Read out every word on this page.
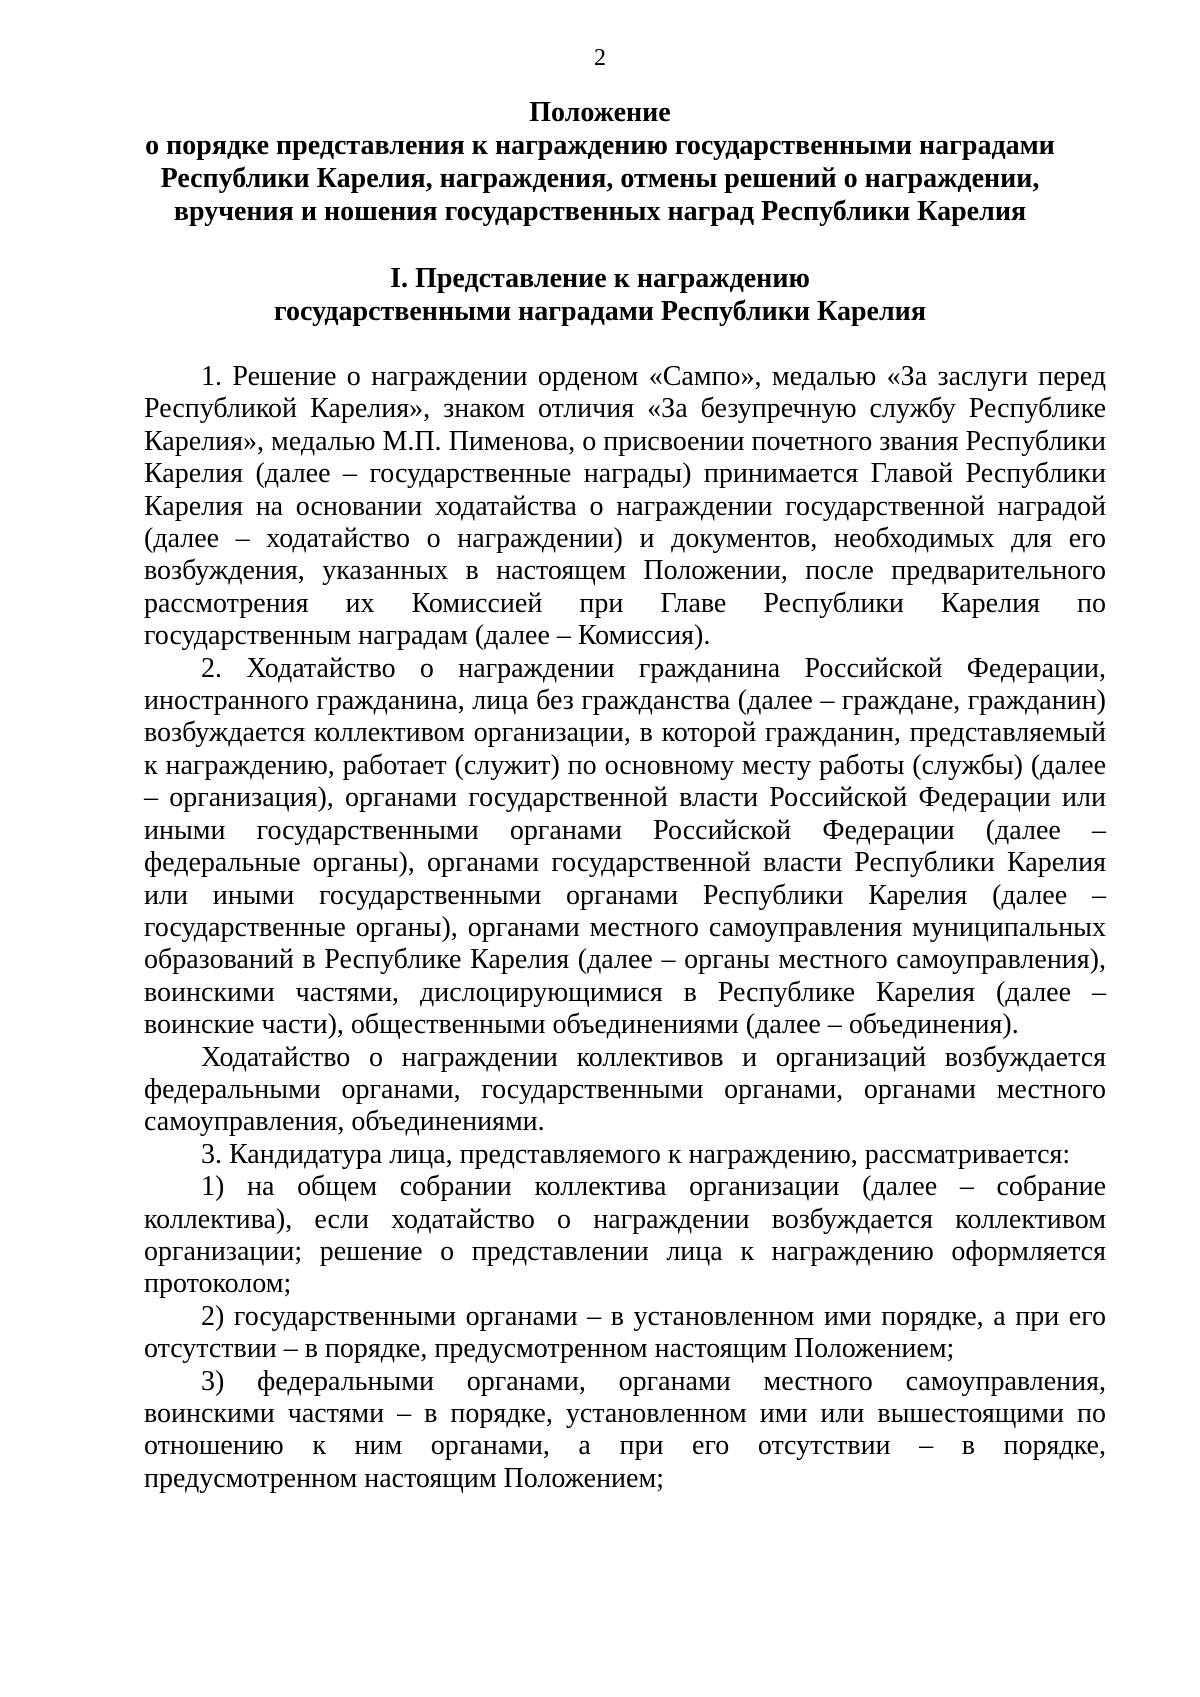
2
Положение
о порядке представления к награждению государственными наградами
Республики Карелия, награждения, отмены решений о награждении,
вручения и ношения государственных наград Республики Карелия
I. Представление к награждению
государственными наградами Республики Карелия

1. Решение о награждении орденом «Сампо», медалью «За заслуги перед Республикой Карелия», знаком отличия «За безупречную службу Республике Карелия», медалью М.П. Пименова, о присвоении почетного звания Республики Карелия (далее – государственные награды) принимается Главой Республики Карелия на основании ходатайства о награждении государственной наградой (далее – ходатайство о награждении) и документов, необходимых для его возбуждения, указанных в настоящем Положении, после предварительного рассмотрения их Комиссией при Главе Республики Карелия по государственным наградам (далее – Комиссия).

2. Ходатайство о награждении гражданина Российской Федерации, иностранного гражданина, лица без гражданства (далее – граждане, гражданин) возбуждается коллективом организации, в которой гражданин, представляемый к награждению, работает (служит) по основному месту работы (службы) (далее – организация), органами государственной власти Российской Федерации или иными государственными органами Российской Федерации (далее – федеральные органы), органами государственной власти Республики Карелия или иными государственными органами Республики Карелия (далее – государственные органы), органами местного самоуправления муниципальных образований в Республике Карелия (далее – органы местного самоуправления), воинскими частями, дислоцирующимися в Республике Карелия (далее – воинские части), общественными объединениями (далее – объединения).

Ходатайство о награждении коллективов и организаций возбуждается федеральными органами, государственными органами, органами местного самоуправления, объединениями.

3. Кандидатура лица, представляемого к награждению, рассматривается:

1) на общем собрании коллектива организации (далее – собрание коллектива), если ходатайство о награждении возбуждается коллективом организации; решение о представлении лица к награждению оформляется протоколом;

2) государственными органами – в установленном ими порядке, а при его отсутствии – в порядке, предусмотренном настоящим Положением;

3) федеральными органами, органами местного самоуправления, воинскими частями – в порядке, установленном ими или вышестоящими по отношению к ним органами, а при его отсутствии – в порядке, предусмотренном настоящим Положением;
